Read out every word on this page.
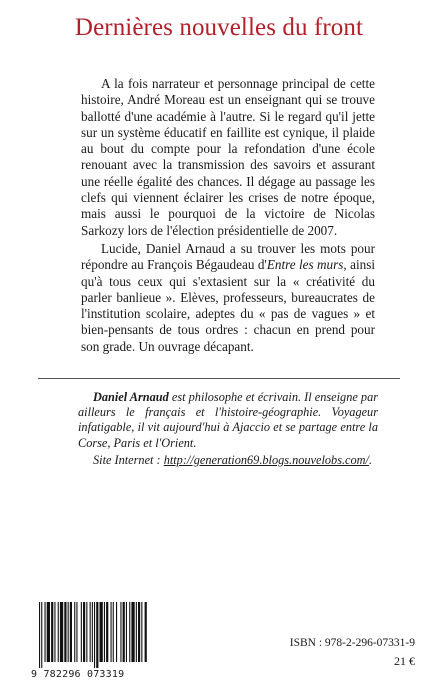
Dernières nouvelles du front

A la fois narrateur et personnage principal de cette histoire, André Moreau est un enseignant qui se trouve ballotté d'une académie à l'autre. Si le regard qu'il jette sur un système éducatif en faillite est cynique, il plaide au bout du compte pour la refondation d'une école renouant avec la transmission des savoirs et assurant une réelle égalité des chances. Il dégage au passage les clefs qui viennent éclairer les crises de notre époque, mais aussi le pourquoi de la victoire de Nicolas Sarkozy lors de l'élection présidentielle de 2007.

Lucide, Daniel Arnaud a su trouver les mots pour répondre au François Bégaudeau d'Entre les murs, ainsi qu'à tous ceux qui s'extasient sur la « créativité du parler banlieue ». Elèves, professeurs, bureaucrates de l'institution scolaire, adeptes du « pas de vagues » et bien-pensants de tous ordres : chacun en prend pour son grade. Un ouvrage décapant.

Daniel Arnaud est philosophe et écrivain. Il enseigne par ailleurs le français et l'histoire-géographie. Voyageur infatigable, il vit aujourd'hui à Ajaccio et se partage entre la Corse, Paris et l'Orient.

Site Internet : http://generation69.blogs.nouvelobs.com/.

9 782296 073319
ISBN : 978-2-296-07331-9
21 €
